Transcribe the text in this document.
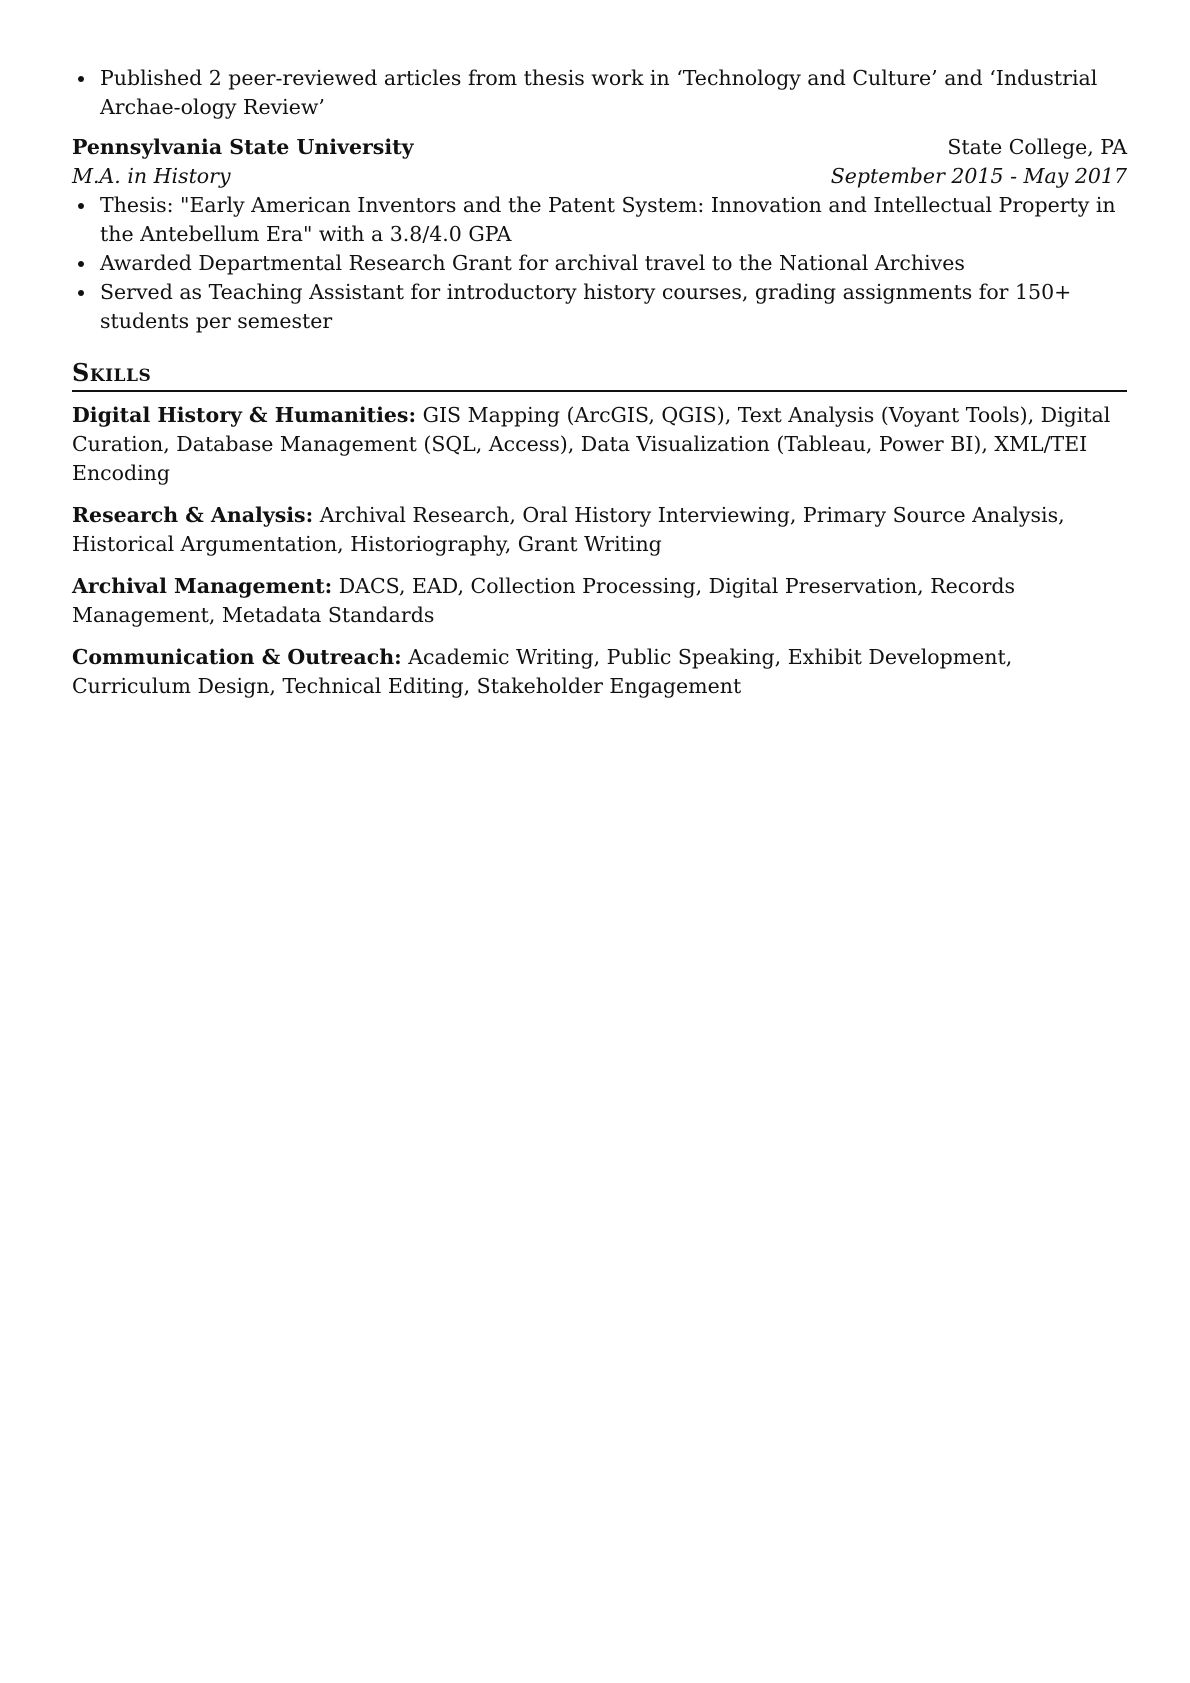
Published 2 peer-reviewed articles from thesis work in ‘Technology and Culture’ and ‘Industrial Archae-ology Review’
Pennsylvania State University	State College, PA
M.A. in History	September 2015 - May 2017
Thesis: "Early American Inventors and the Patent System: Innovation and Intellectual Property in the Antebellum Era" with a 3.8/4.0 GPA
Awarded Departmental Research Grant for archival travel to the National Archives
Served as Teaching Assistant for introductory history courses, grading assignments for 150+ students per semester
Skills
Digital History & Humanities: GIS Mapping (ArcGIS, QGIS), Text Analysis (Voyant Tools), Digital Curation, Database Management (SQL, Access), Data Visualization (Tableau, Power BI), XML/TEI Encoding
Research & Analysis: Archival Research, Oral History Interviewing, Primary Source Analysis, Historical Argumentation, Historiography, Grant Writing
Archival Management: DACS, EAD, Collection Processing, Digital Preservation, Records Management, Metadata Standards
Communication & Outreach: Academic Writing, Public Speaking, Exhibit Development, Curriculum Design, Technical Editing, Stakeholder Engagement
